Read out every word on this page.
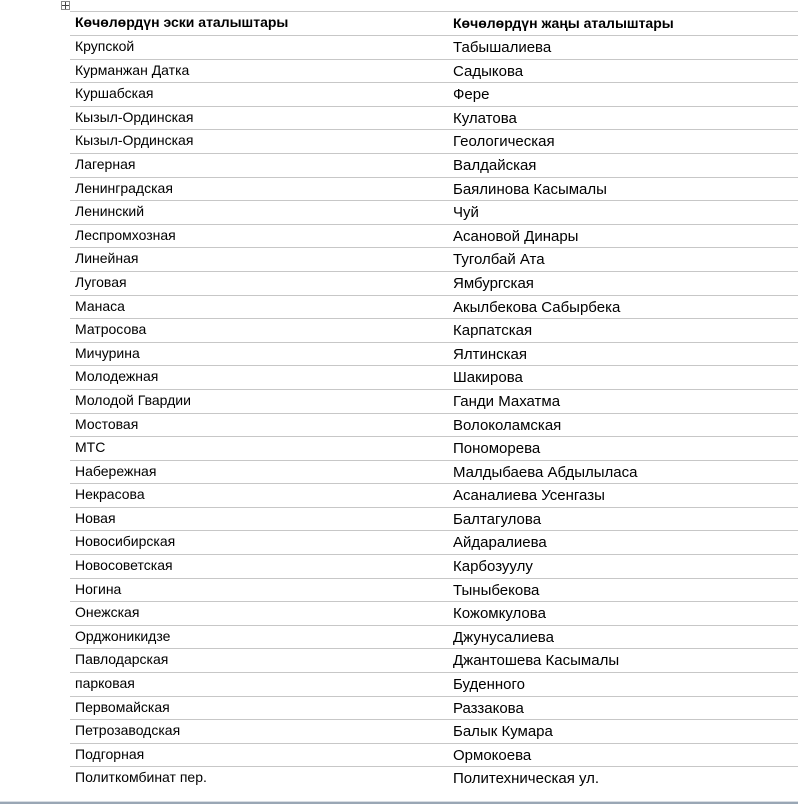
Көчөлөрдүн эски аталыштары	Көчөлөрдүн жаңы аталыштары
Крупской	Табышалиева
Курманжан Датка	Садыкова
Куршабская	Фере
Кызыл-Ординская	Кулатова
Кызыл-Ординская	Геологическая
Лагерная	Валдайская
Ленинградская	Баялинова Касымалы
Ленинский	Чуй
Леспромхозная	Асановой Динары
Линейная	Туголбай Ата
Луговая	Ямбургская
Манаса	Акылбекова Сабырбека
Матросова	Карпатская
Мичурина	Ялтинская
Молодежная	Шакирова
Молодой Гвардии	Ганди Махатма
Мостовая	Волоколамская
МТС	Пономорева
Набережная	Малдыбаева Абдылыласа
Некрасова	Асаналиева Усенгазы
Новая	Балтагулова
Новосибирская	Айдаралиева
Новосоветская	Карбозуулу
Ногина	Тыныбекова
Онежская	Кожомкулова
Орджоникидзе	Джунусалиева
Павлодарская	Джантошева Касымалы
парковая	Буденного
Первомайская	Раззакова
Петрозаводская	Балык Кумара
Подгорная	Ормокоева
Политкомбинат пер.	Политехническая ул.
